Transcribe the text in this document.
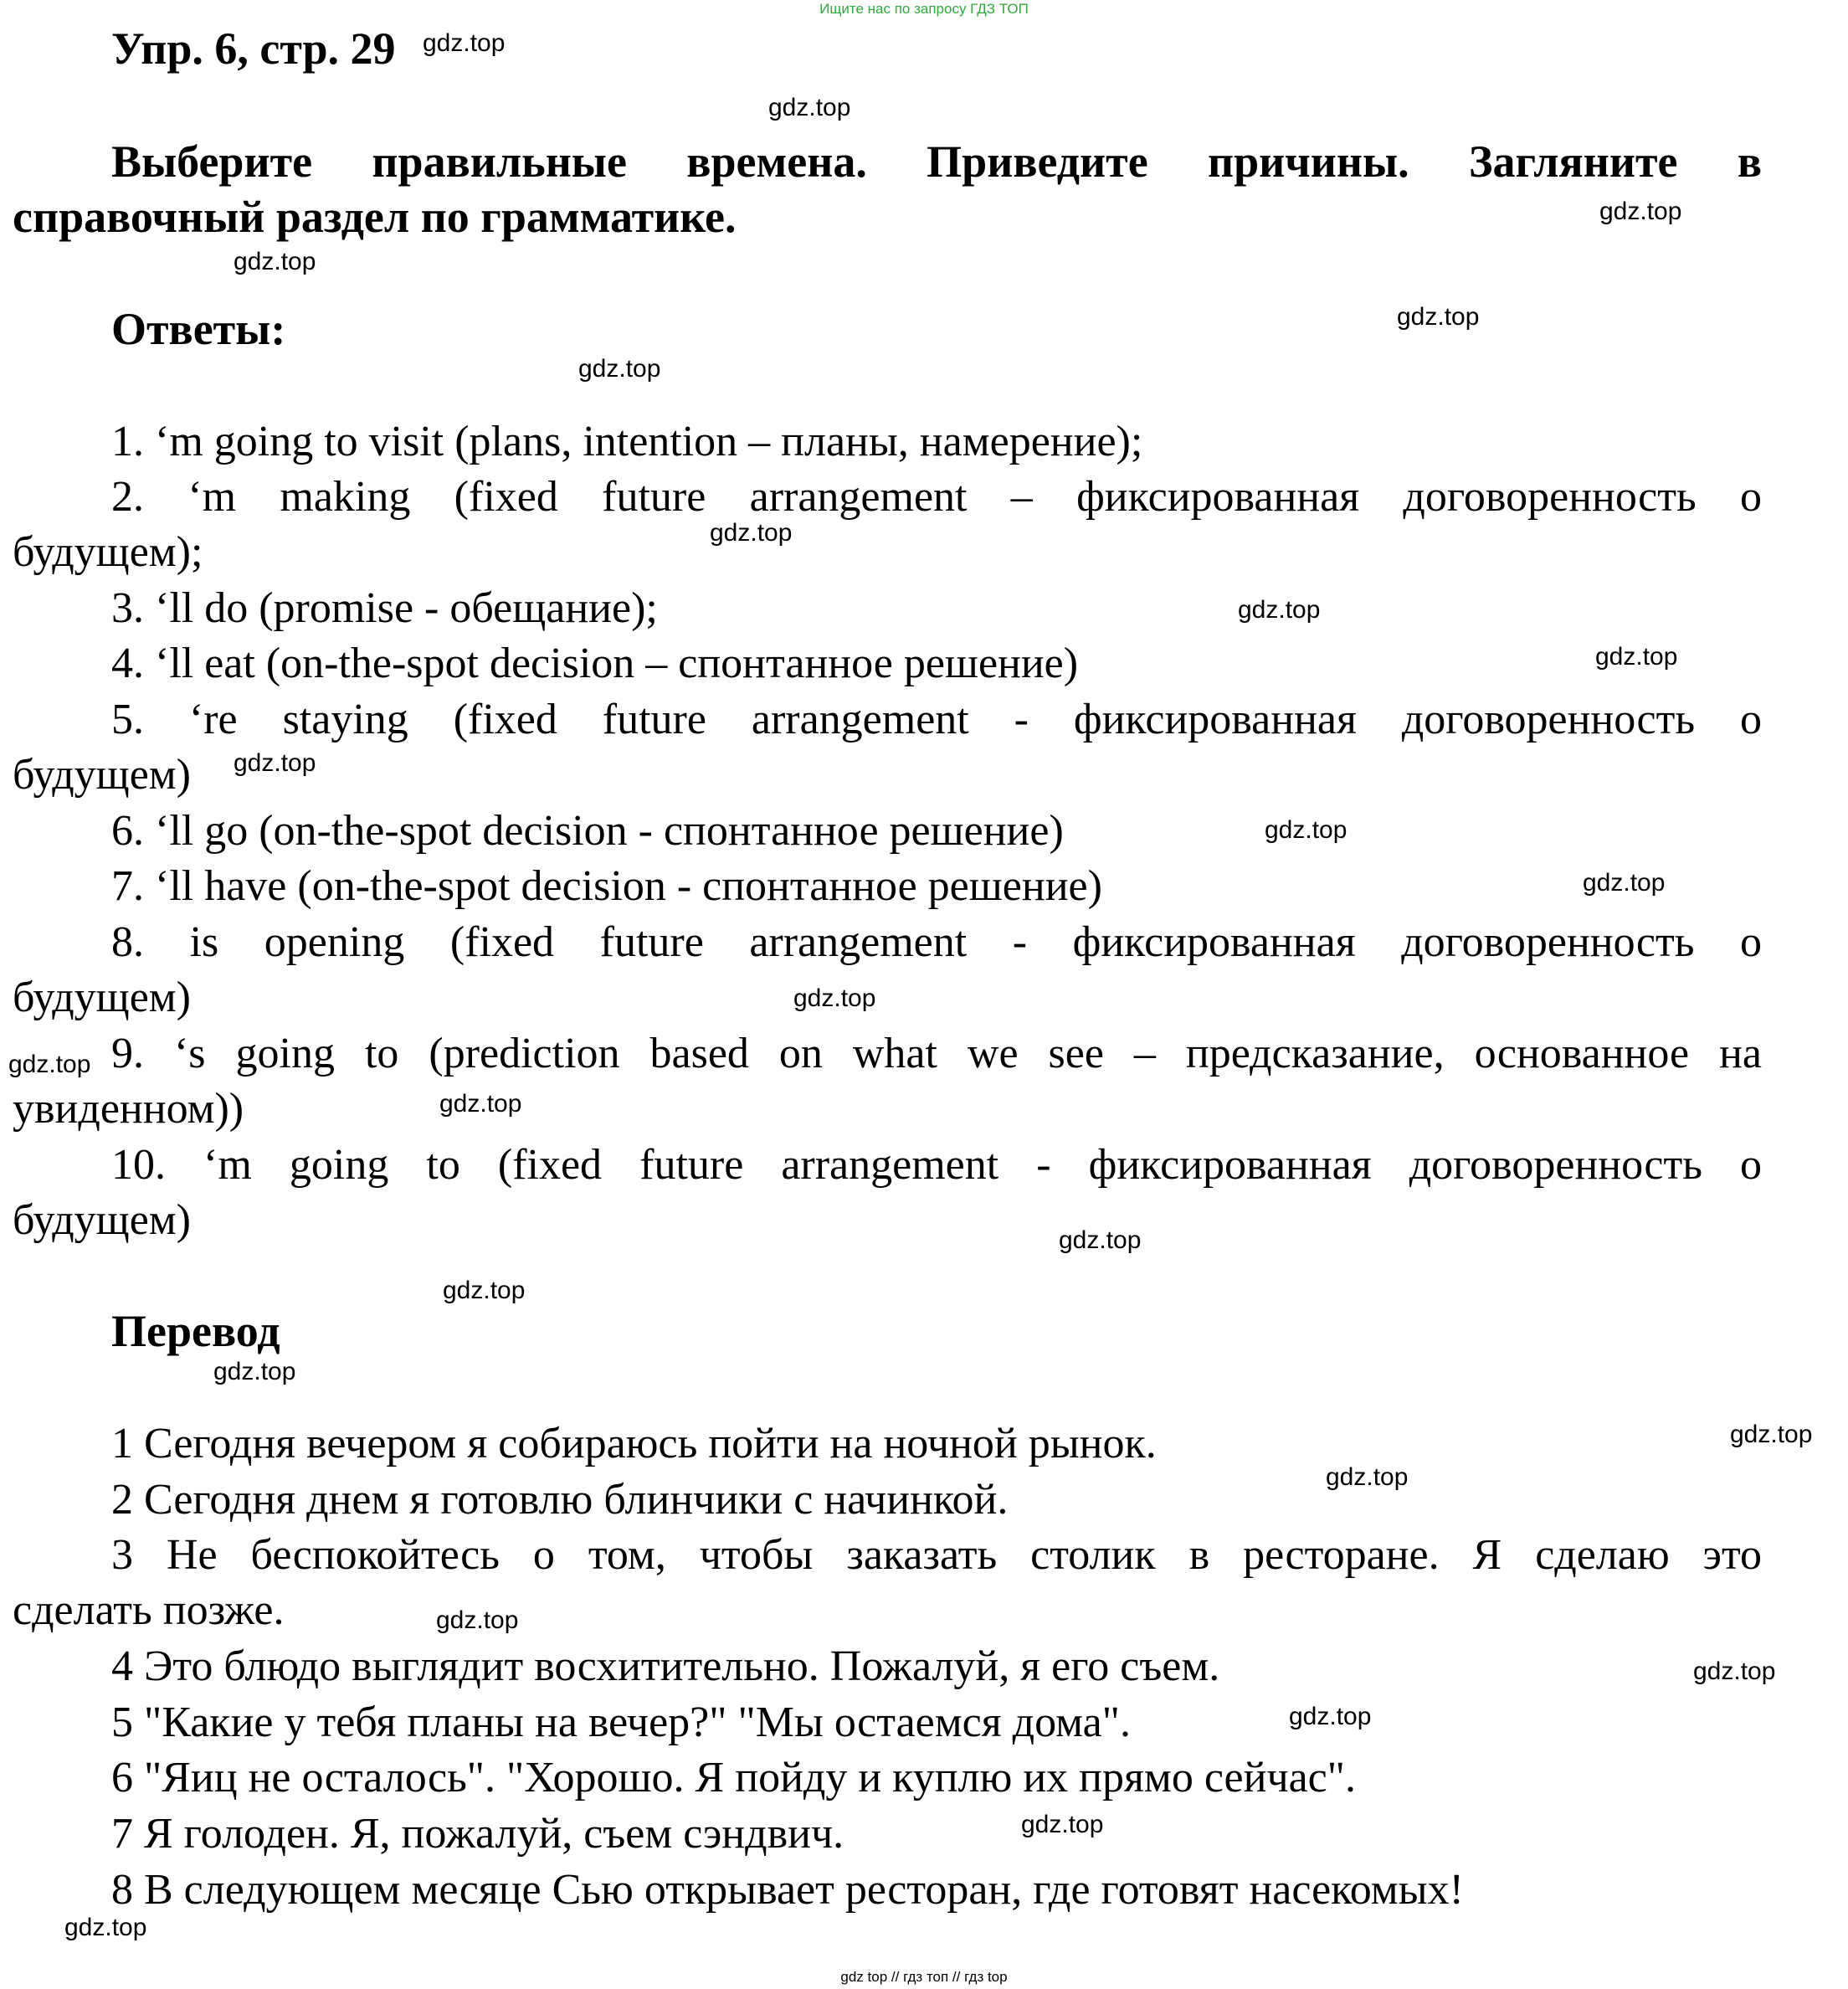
Ищите нас по запросу ГДЗ ТОП
Упр. 6, стр. 29
Выберите правильные времена. Приведите причины. Загляните в
справочный раздел по грамматике.
Ответы:
1. ‘m going to visit (plans, intention – планы, намерение);
2. ‘m making (fixed future arrangement – фиксированная договоренность о
будущем);
3. ‘ll do (promise - обещание);
4. ‘ll eat (on-the-spot decision – спонтанное решение)
5. ‘re staying (fixed future arrangement - фиксированная договоренность о
будущем)
6. ‘ll go (on-the-spot decision - спонтанное решение)
7. ‘ll have (on-the-spot decision - спонтанное решение)
8. is opening (fixed future arrangement - фиксированная договоренность о
будущем)
9. ‘s going to (prediction based on what we see – предсказание, основанное на
увиденном))
10. ‘m going to (fixed future arrangement - фиксированная договоренность о
будущем)
Перевод
1 Сегодня вечером я собираюсь пойти на ночной рынок.
2 Сегодня днем я готовлю блинчики с начинкой.
3 Не беспокойтесь о том, чтобы заказать столик в ресторане. Я сделаю это
сделать позже.
4 Это блюдо выглядит восхитительно. Пожалуй, я его съем.
5 "Какие у тебя планы на вечер?" "Мы остаемся дома".
6 "Яиц не осталось". "Хорошо. Я пойду и куплю их прямо сейчас".
7 Я голоден. Я, пожалуй, съем сэндвич.
8 В следующем месяце Сью открывает ресторан, где готовят насекомых!
gdz.top
gdz.top
gdz.top
gdz.top
gdz.top
gdz.top
gdz.top
gdz.top
gdz.top
gdz.top
gdz.top
gdz.top
gdz.top
gdz.top
gdz.top
gdz.top
gdz.top
gdz.top
gdz.top
gdz.top
gdz.top
gdz.top
gdz.top
gdz.top
gdz.top
gdz top // гдз топ // гдз top
